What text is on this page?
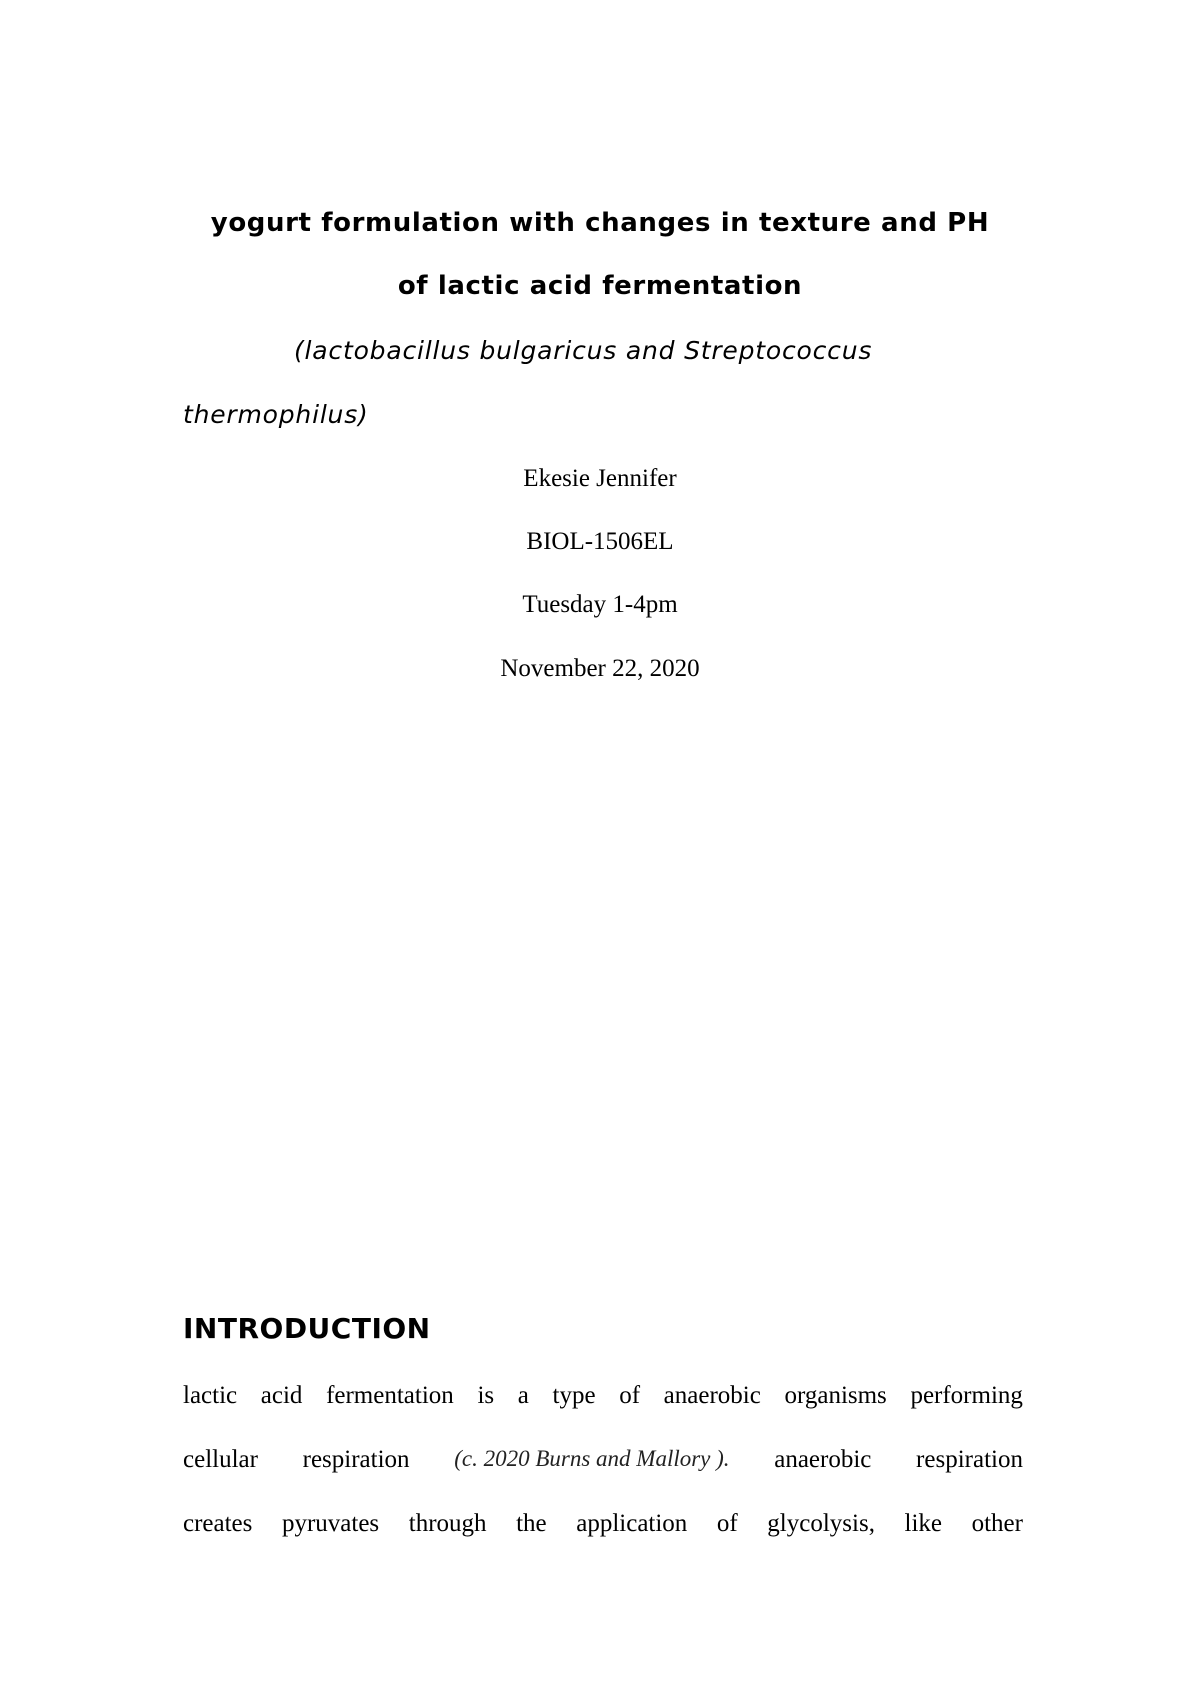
yogurt formulation with changes in texture and PH
of lactic acid fermentation
(lactobacillus bulgaricus and Streptococcus
thermophilus)
Ekesie Jennifer
BIOL-1506EL
Tuesday 1-4pm
November 22, 2020
INTRODUCTION
lactic acid fermentation is a type of anaerobic organisms performing
cellular respiration (c. 2020 Burns and Mallory ). anaerobic respiration
creates pyruvates through the application of glycolysis, like other
